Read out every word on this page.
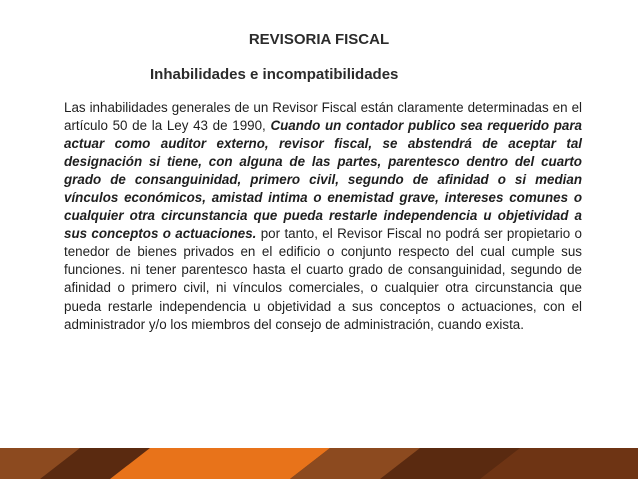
REVISORIA FISCAL
Inhabilidades e incompatibilidades

Las inhabilidades generales de un Revisor Fiscal están claramente determinadas en el artículo 50 de la Ley 43 de 1990, Cuando un contador publico sea requerido para actuar como auditor externo, revisor fiscal, se abstendrá de aceptar tal designación si tiene, con alguna de las partes, parentesco dentro del cuarto grado de consanguinidad, primero civil, segundo de afinidad o si median vínculos económicos, amistad intima o enemistad grave, intereses comunes o cualquier otra circunstancia que pueda restarle independencia u objetividad a sus conceptos o actuaciones. por tanto, el Revisor Fiscal no podrá ser propietario o tenedor de bienes privados en el edificio o conjunto respecto del cual cumple sus funciones. ni tener parentesco hasta el cuarto grado de consanguinidad, segundo de afinidad o primero civil, ni vínculos comerciales, o cualquier otra circunstancia que pueda restarle independencia u objetividad a sus conceptos o actuaciones, con el administrador y/o los miembros del consejo de administración, cuando exista.
